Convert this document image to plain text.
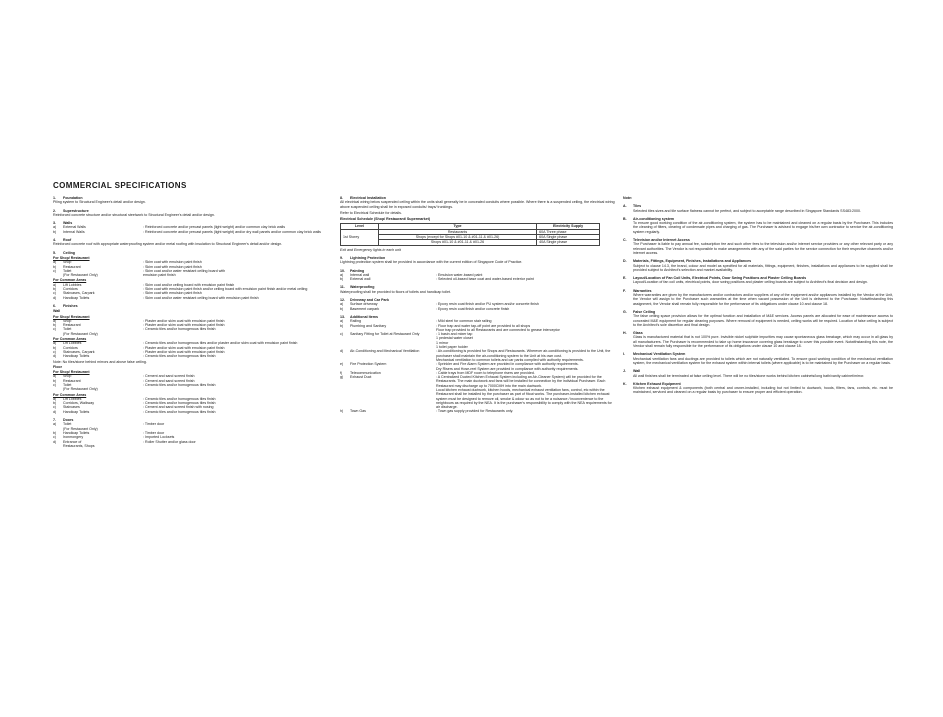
COMMERCIAL SPECIFICATIONS
1. Foundation
Piling system to Structural Engineer's detail and/or design.
2. Superstructure
Reinforced concrete structure and/or structural steelwork to Structural Engineer's detail and/or design.
3. Walls
a)	External Walls	: Reinforced concrete and/or precast panels (light weight) and/or common clay brick walls
b)	Internal Walls	: Reinforced concrete and/or precast panels (light weight) and/or dry wall panels and/or common clay brick walls
4. Roof
Reinforced concrete roof with appropriate waterproofing system and/or metal roofing with insulation to Structural Engineer's detail and/or design.
5. Ceiling
For Shop/ Restaurant
a)	Shop	: Skim coat with emulsion paint finish
b)	Restaurant	: Skim coat with emulsion paint finish
c)	Toilet	: Skim coat and/or water resistant ceiling board with
(For Restaurant Only)	emulsion paint finish
For Common Areas
a)	Lift Lobbies	: Skim coat and/or ceiling board with emulsion paint finish
b)	Corridors	: Skim coat with emulsion paint finish and/or ceiling board with emulsion paint finish and/or metal ceiling
c)	Staircases, Carpark	: Skim coat with emulsion paint finish
d)	Handicap Toilets	: Skim coat and/or water resistant ceiling board with emulsion paint finish
6. Finishes
Wall
For Shop/ Restaurant
a)	Shop	: Plaster and/or skim coat with emulsion paint finish
b)	Restaurant	: Plaster and/or skim coat with emulsion paint finish
c)	Toilet	: Ceramic tiles and/or homogenous tiles finish
(For Restaurant Only)
For Common Areas
a)	Lift Lobbies	: Ceramic tiles and/or homogenous tiles and/or plaster and/or skim coat with emulsion paint finish
b)	Corridors	: Plaster and/or skim coat with emulsion paint finish
c)	Staircases, Carpark	: Plaster and/or skim coat with emulsion paint finish
d)	Handicap Toilets	: Ceramic tiles and/or homogenous tiles finish
Note: No tiles/stone behind mirrors and above false ceiling.
Floor
For Shop/ Restaurant
a)	Shop	: Cement and sand screed finish
b)	Restaurant	: Cement and sand screed finish
c)	Toilet	: Ceramic tiles and/or homogenous tiles finish
(For Restaurant Only)
For Common Areas
a)	Lift Lobbies	: Ceramic tiles and/or homogenous tiles finish
b)	Corridors, Walkway	: Ceramic tiles and/or homogenous tiles finish
c)	Staircases	: Cement and sand screed finish with nosing
d)	Handicap Toilets	: Ceramic tiles and/or homogenous tiles finish
7. Doors
a)	Toilet	: Timber door
(For Restaurant Only)
b)	Handicap Toilets	: Timber door
c)	Ironmongery	: Imported Locksets
d)	Entrance of	: Roller Shutter and/or glass door
Restaurants, Shops
8. Electrical Installation
All electrical wiring below suspended ceiling within the units shall generally be in concealed conduits where possible. Where there is a suspended ceiling, the electrical wiring above suspended ceiling shall be in exposed conduits/ trays/ trunkings.
Refer to Electrical Schedule for details.
Electrical Schedule (Shop/ Restaurant/ Supermarket)
Level	Type	Electricity Supply
1st Storey	Restaurants	60A Three phase
	Shops (except for Shops #01-10 & #01-11 & #01-26)	60A Single phase
	Shops #01-10 & #01-11 & #01-26	40A Single phase
Exit and Emergency lights in each unit
9. Lightning Protection
Lightning protection system shall be provided in accordance with the current edition of Singapore Code of Practice.
10. Painting
a)	Internal wall	: Emulsion water-based paint
b)	External wall	: Selected oil-based base coat and water-based exterior paint
11. Waterproofing
Waterproofing shall be provided to floors of toilets and handicap toilet.
12. Driveway and Car Park
a)	Surface driveway	: Epoxy resin coat finish and/or PU system and/or concrete finish
b)	Basement carpark	: Epoxy resin coat finish and/or concrete finish
13. Additional Items
a)	Railing	: Mild steel for common stair railing
b)	Plumbing and Sanitary	: Floor trap and water tap-off point are provided to all shops
Floor trap provided to all Restaurants and are connected to grease interceptor
c)	Sanitary Fitting for Toilet at Restaurant Only	: 1 basin and mixer tap
1 pedestal water closet
1 mirror
1 toilet paper holder
d)	Air-Conditioning and Mechanical Ventilation	: Air-conditioning is provided for Shops and Restaurants. Wherever air-conditioning is provided to the Unit, the purchaser shall maintain the air-conditioning system to the Unit at his own cost.
Mechanical ventilation to common toilets and car parks complied with authority requirements.
e)	Fire Protection System	: Sprinkler and Fire Alarm System are provided in compliance with authority requirements.
Dry Risers and Hose-reel System are provided in compliance with authority requirements.
f)	Telecommunication	: Cable trays from MDF room to telephone risers are provided.
g)	Exhaust Duct	: A Centralized Ducted Kitchen Exhaust System including an Air-Cleaner System) will be provided for the Restaurants. The main ductwork and fans will be installed for connection by the individual Purchaser. Each Restaurant may discharge up to 7000CMH into the main ductwork.
Local kitchen exhaust ductwork, kitchen hoods, mechanical exhaust ventilation fans, control, etc within the Restaurant shall be installed by the purchaser as part of fitout works. The purchaser-installed kitchen exhaust system must be designed to remove oil, smoke & odour so as not to be a nuisance / inconvenience to the neighbours as required by the NEA. It is the purchaser's responsibility to comply with the NEA requirements for air discharge.
h)	Town Gas	: Town gas supply provided for Restaurants only.
Note:
A. Tiles
Selected tiles sizes and tile surface flatness cannot be perfect, and subject to acceptable range described in Singapore Standards SS483:2000.
B. Air-conditioning system
To ensure good working condition of the air-conditioning system, the system has to be maintained and cleaned on a regular basis by the Purchaser. This includes the cleaning of filters, clearing of condensate pipes and charging of gas. The Purchaser is advised to engage his/her own contractor to service the air-conditioning system regularly.
C. Television and/or Internet Access
The Purchaser is liable to pay annual fee, subscription fee and such other fees to the television and/or internet service providers or any other relevant party or any relevant authorities. The Vendor is not responsible to make arrangements with any of the said parties for the service connection for their respective channels and/or internet access.
D. Materials, Fittings, Equipment, Finishes, Installations and Appliances
Subject to clause 14.3, the brand, colour and model as specified for all materials, fittings, equipment, finishes, installations and appliances to be supplied shall be provided subject to Architect's selection and market availability.
E. Layout/Location of Fan Coil Units, Electrical Points, Door Swing Positions and Plaster Ceiling Boards
Layout/Location of fan coil units, electrical points, door swing positions and plaster ceiling boards are subject to Architect's final decision and design.
F. Warranties
Where warranties are given by the manufacturers and/or contractors and/or suppliers of any of the equipment and/or appliances installed by the Vendor at the Unit, the Vendor will assign to the Purchaser such warranties at the time when vacant possession of the Unit is delivered to the Purchaser. Notwithstanding this assignment, the Vendor shall remain fully responsible for the performance of its obligations under clause 10 and clause 18.
G. False Ceiling
The false ceiling space provision allows for the optimal function and installation of M&E services. Access panels are allocated for ease of maintenance access to concealed M&E equipment for regular cleaning purposes. Where removal of equipment is needed, ceiling works will be required. Location of false ceiling is subject to the Architect's sole discretion and final design.
H. Glass
Glass is manufactured material that is not 100% pure. Invisible nickel sulphide impurities may cause spontaneous glass breakage, which may occur in all glass by all manufacturers. The Purchaser is recommended to take up home insurance covering glass breakage to cover this possible event. Notwithstanding this note, the Vendor shall remain fully responsible for the performance of its obligations under clause 10 and clause 18.
I. Mechanical Ventilation System
Mechanical ventilation fans and ductings are provided to toilets which are not naturally ventilated. To ensure good working condition of the mechanical ventilation system, the mechanical ventilation system for the exhaust system within internal toilets (where applicable) is to be maintained by the Purchaser on a regular basis.
J. Wall
All wall finishes shall be terminated at false ceiling level. There will be no tiles/stone works behind kitchen cabinets/long bath/vanity cabinet/mirror.
K. Kitchen Exhaust Equipment
Kitchen exhaust equipment & components (both central and owner-installed, including but not limited to ductwork, hoods, filters, fans, controls, etc. must be maintained, serviced and cleaned on a regular basis by purchaser to ensure proper and efficient operation.
